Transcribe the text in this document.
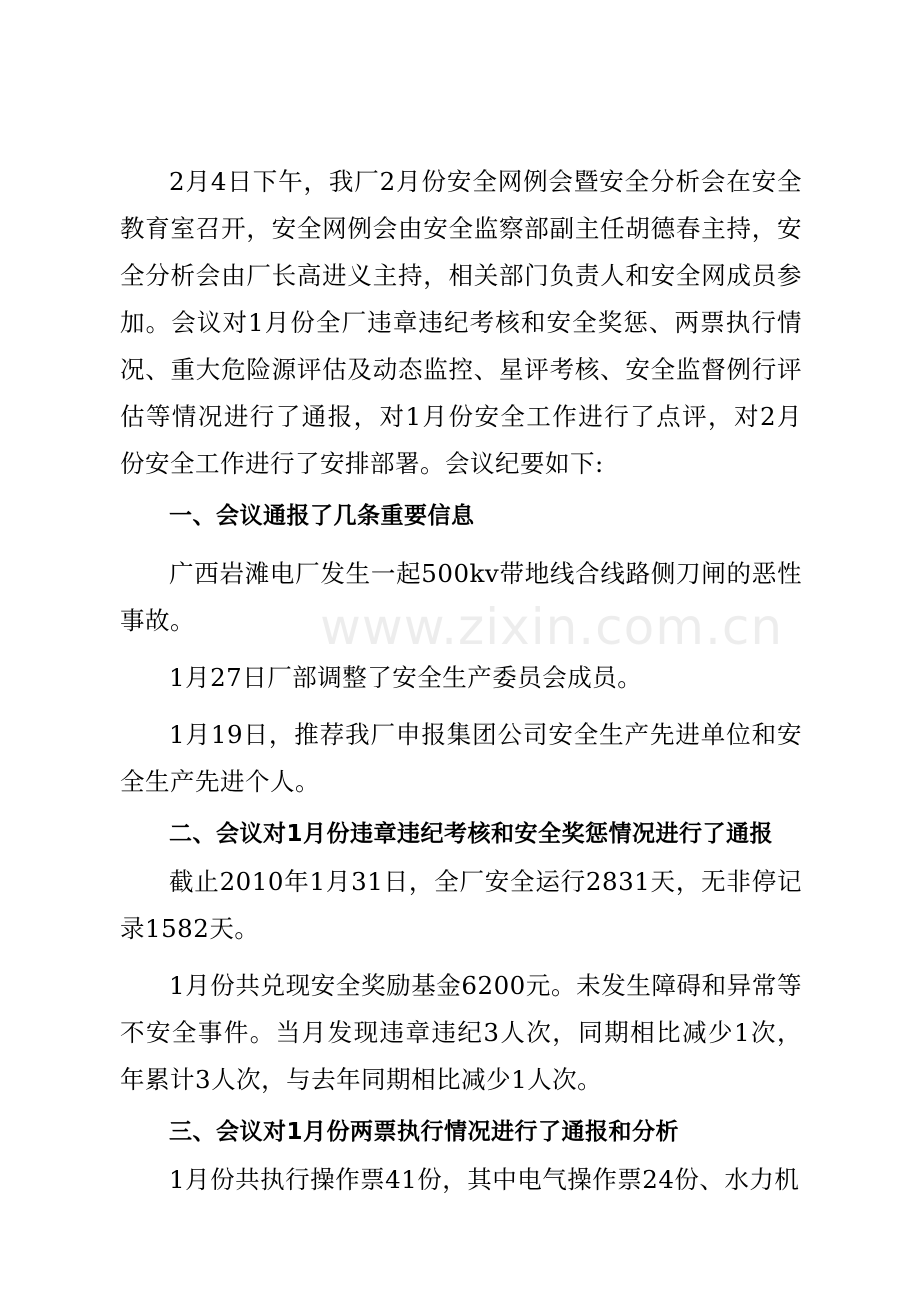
2月4日下午，我厂2月份安全网例会暨安全分析会在安全教育室召开，安全网例会由安全监察部副主任胡德春主持，安全分析会由厂长高进义主持，相关部门负责人和安全网成员参加。会议对1月份全厂违章违纪考核和安全奖惩、两票执行情况、重大危险源评估及动态监控、星评考核、安全监督例行评估等情况进行了通报，对1月份安全工作进行了点评，对2月份安全工作进行了安排部署。会议纪要如下:

一、会议通报了几条重要信息

广西岩滩电厂发生一起500kv带地线合线路侧刀闸的恶性事故。

1月27日厂部调整了安全生产委员会成员。

1月19日，推荐我厂申报集团公司安全生产先进单位和安全生产先进个人。

二、会议对1月份违章违纪考核和安全奖惩情况进行了通报

截止2010年1月31日，全厂安全运行2831天，无非停记录1582天。

1月份共兑现安全奖励基金6200元。未发生障碍和异常等不安全事件。当月发现违章违纪3人次，同期相比减少1次，年累计3人次，与去年同期相比减少1人次。

三、会议对1月份两票执行情况进行了通报和分析

1月份共执行操作票41份，其中电气操作票24份、水力机

www.zixin.com.cn
